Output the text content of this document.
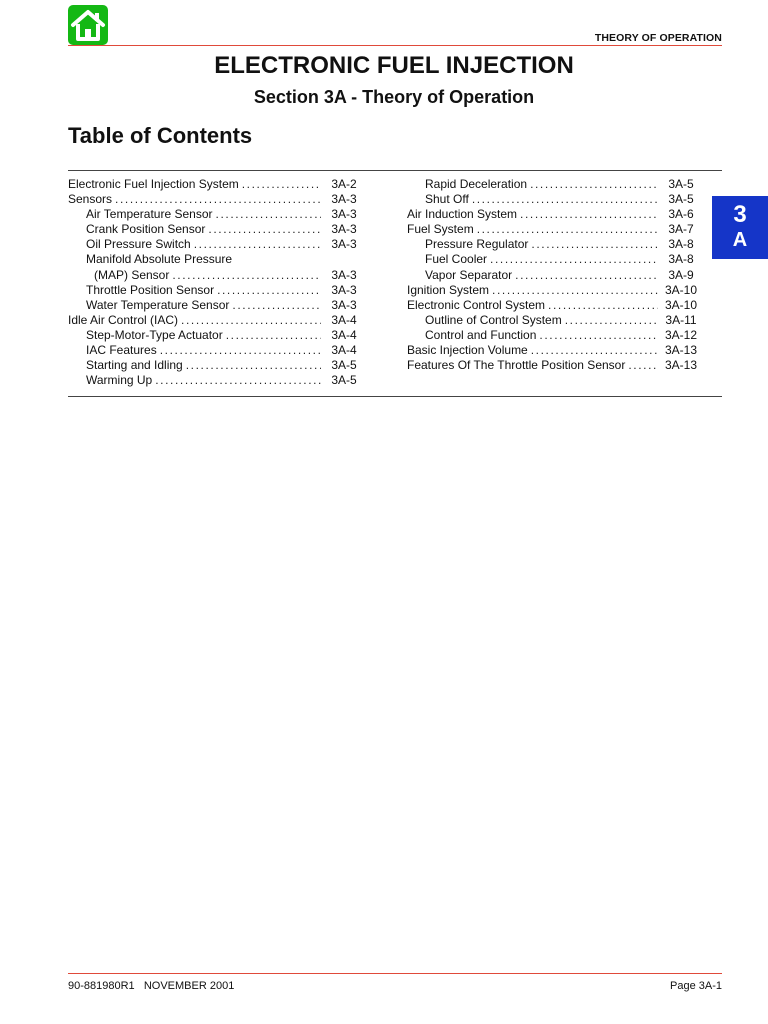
THEORY OF OPERATION
ELECTRONIC FUEL INJECTION
Section 3A - Theory of Operation
Table of Contents
Electronic Fuel Injection System .....	3A-2
Sensors .....	3A-3
Air Temperature Sensor .....	3A-3
Crank Position Sensor .....	3A-3
Oil Pressure Switch .....	3A-3
Manifold Absolute Pressure
(MAP) Sensor .....	3A-3
Throttle Position Sensor .....	3A-3
Water Temperature Sensor .....	3A-3
Idle Air Control (IAC) .....	3A-4
Step-Motor-Type Actuator .....	3A-4
IAC Features .....	3A-4
Starting and Idling .....	3A-5
Warming Up .....	3A-5
Rapid Deceleration .....	3A-5
Shut Off .....	3A-5
Air Induction System .....	3A-6
Fuel System .....	3A-7
Pressure Regulator .....	3A-8
Fuel Cooler .....	3A-8
Vapor Separator .....	3A-9
Ignition System .....	3A-10
Electronic Control System .....	3A-10
Outline of Control System .....	3A-11
Control and Function .....	3A-12
Basic Injection Volume .....	3A-13
Features Of The Throttle Position Sensor .....	3A-13
3
A
90-881980R1   NOVEMBER 2001	Page 3A-1
